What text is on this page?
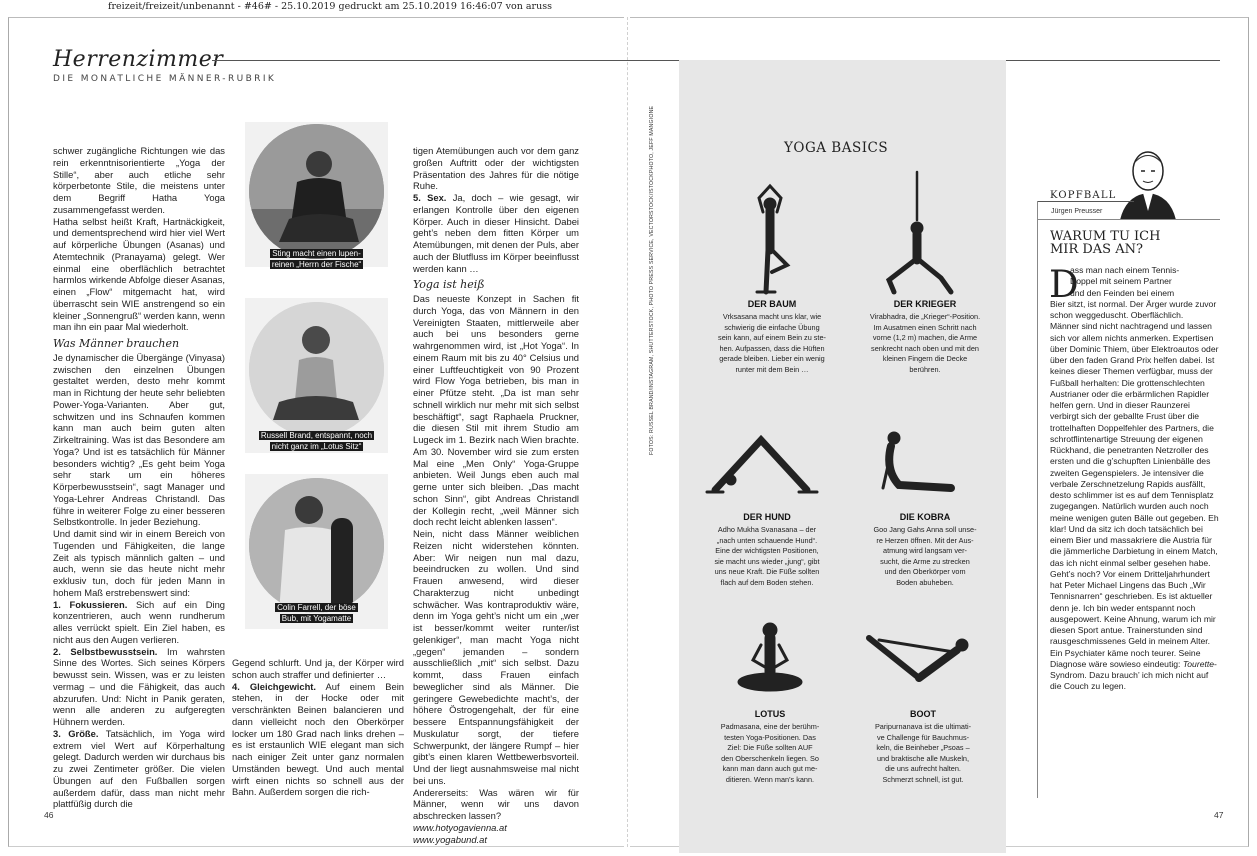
freizeit/freizeit/unbenannt - #46# - 25.10.2019 gedruckt am 25.10.2019 16:46:07 von aruss
Herrenzimmer
DIE MONATLICHE MÄNNER-RUBRIK

schwer zugängliche Richtungen wie das rein erkenntnisorientierte „Yoga der Stille“, aber auch etliche sehr körperbetonte Stile, die meistens unter dem Begriff Hatha Yoga zusammengefasst werden.

Hatha selbst heißt Kraft, Hartnäckigkeit, und dementsprechend wird hier viel Wert auf körperliche Übungen (Asanas) und Atemtechnik (Pranayama) gelegt. Wer einmal eine oberflächlich betrachtet harmlos wirkende Abfolge dieser Asanas, einen „Flow“ mitgemacht hat, wird überrascht sein WIE anstrengend so ein kleiner „Sonnengruß“ werden kann, wenn man ihn ein paar Mal wiederholt.

Was Männer brauchen

Je dynamischer die Übergänge (Vinyasa) zwischen den einzelnen Übungen gestaltet werden, desto mehr kommt man in Richtung der heute sehr beliebten Power-Yoga-Varianten. Aber gut, schwitzen und ins Schnaufen kommen kann man auch beim guten alten Zirkeltraining. Was ist das Besondere am Yoga? Und ist es tatsächlich für Männer besonders wichtig? „Es geht beim Yoga sehr stark um ein höheres Körperbewusstsein“, sagt Manager und Yoga-Lehrer Andreas Christandl. Das führe in weiterer Folge zu einer besseren Selbstkontrolle. In jeder Beziehung.

Und damit sind wir in einem Bereich von Tugenden und Fähigkeiten, die lange Zeit als typisch männlich galten – und auch, wenn sie das heute nicht mehr exklusiv tun, doch für jeden Mann in hohem Maß erstrebenswert sind:

1. Fokussieren. Sich auf ein Ding konzentrieren, auch wenn rundherum alles verrückt spielt. Ein Ziel haben, es nicht aus den Augen verlieren.

2. Selbstbewusstsein. Im wahrsten Sinne des Wortes. Sich seines Körpers bewusst sein. Wissen, was er zu leisten vermag – und die Fähigkeit, das auch abzurufen. Und: Nicht in Panik geraten, wenn alle anderen zu aufgeregten Hühnern werden.

3. Größe. Tatsächlich, im Yoga wird extrem viel Wert auf Körperhaltung gelegt. Dadurch werden wir durchaus bis zu zwei Zentimeter größer. Die vielen Übungen auf den Fußballen sorgen außerdem dafür, dass man nicht mehr plattfüßig durch die

Sting macht einen lupen-
reinen „Herrn der Fische“
Russell Brand, entspannt, noch
nicht ganz im „Lotus Sitz“
Colin Farrell, der böse
Bub, mit Yogamatte

Gegend schlurft. Und ja, der Körper wird schon auch straffer und definierter …

4. Gleichgewicht. Auf einem Bein stehen, in der Hocke oder mit verschränkten Beinen balancieren und dann vielleicht noch den Oberkörper locker um 180 Grad nach links drehen – es ist erstaunlich WIE elegant man sich nach einiger Zeit unter ganz normalen Umständen bewegt. Und auch mental wirft einen nichts so schnell aus der Bahn. Außerdem sorgen die rich-

tigen Atemübungen auch vor dem ganz großen Auftritt oder der wichtigsten Präsentation des Jahres für die nötige Ruhe.

5. Sex. Ja, doch – wie gesagt, wir erlangen Kontrolle über den eigenen Körper. Auch in dieser Hinsicht. Dabei geht’s neben dem fitten Körper um Atemübungen, mit denen der Puls, aber auch der Blutfluss im Körper beeinflusst werden kann …

Yoga ist heiß

Das neueste Konzept in Sachen fit durch Yoga, das von Männern in den Vereinigten Staaten, mittlerweile aber auch bei uns besonders gerne wahrgenommen wird, ist „Hot Yoga“. In einem Raum mit bis zu 40° Celsius und einer Luftfeuchtigkeit von 90 Prozent wird Flow Yoga betrieben, bis man in einer Pfütze steht. „Da ist man sehr schnell wirklich nur mehr mit sich selbst beschäftigt“, sagt Raphaela Pruckner, die diesen Stil mit ihrem Studio am Lugeck im 1. Bezirk nach Wien brachte. Am 30. November wird sie zum ersten Mal eine „Men Only“ Yoga-Gruppe anbieten. Weil Jungs eben auch mal gerne unter sich bleiben. „Das macht schon Sinn“, gibt Andreas Christandl der Kollegin recht, „weil Männer sich doch recht leicht ablenken lassen“.

Nein, nicht dass Männer weiblichen Reizen nicht widerstehen könnten. Aber: Wir neigen nun mal dazu, beeindrucken zu wollen. Und sind Frauen anwesend, wird dieser Charakterzug nicht unbedingt schwächer. Was kontraproduktiv wäre, denn im Yoga geht’s nicht um ein „wer ist besser/kommt weiter runter/ist gelenkiger“, man macht Yoga nicht „gegen“ jemanden – sondern ausschließlich „mit“ sich selbst. Dazu kommt, dass Frauen einfach beweglicher sind als Männer. Die geringere Gewebedichte macht’s, der höhere Östrogengehalt, der für eine bessere Entspannungsfähigkeit der Muskulatur sorgt, der tiefere Schwerpunkt, der längere Rumpf – hier gibt’s einen klaren Wettbewerbsvorteil. Und der liegt ausnahmsweise mal nicht bei uns.

Andererseits: Was wären wir für Männer, wenn wir uns davon abschrecken lassen?

www.hotyogavienna.at
www.yogabund.at
46	47
YOGA BASICS
FOTOS: RUSSEL BRAND/INSTAGRAM, SHUTTERSTOCK, PHOTO PRESS SERVICE, VECTORSTOCK/ISTOCKPHOTO, JEFF MANGIONE	DER BAUM
Vrksasana macht uns klar, wie
schwierig die einfache Übung
sein kann, auf einem Bein zu ste-
hen. Aufpassen, dass die Hüften
gerade bleiben. Lieber ein wenig
runter mit dem Bein …
DER KRIEGER
Virabhadra, die „Krieger“-Position.
Im Ausatmen einen Schritt nach
vorne (1,2 m) machen, die Arme
senkrecht nach oben und mit den
kleinen Fingern die Decke
berühren.
DER HUND
Adho Mukha Svanasana – der
„nach unten schauende Hund“.
Eine der wichtigsten Positionen,
sie macht uns wieder „jung“, gibt
uns neue Kraft. Die Füße sollten
flach auf dem Boden stehen.
DIE KOBRA
Goo Jang Gahs Anna soll unse-
re Herzen öffnen. Mit der Aus-
atmung wird langsam ver-
sucht, die Arme zu strecken
und den Oberkörper vom
Boden abuheben.
LOTUS
Padmasana, eine der berühm-
testen Yoga-Positionen. Das
Ziel: Die Füße sollten AUF
den Oberschenkeln liegen. So
kann man dann auch gut me-
ditieren. Wenn man’s kann.
BOOT
Paripurnanava ist die ultimati-
ve Challenge für Bauchmus-
keln, die Beinheber „Psoas –
und braktische alle Muskeln,
die uns aufrecht halten.
Schmerzt schnell, ist gut.
KOPFBALL
Jürgen Preusser
WARUM TU ICH
MIR DAS AN?
D

ass man nach einem Tennis-

Doppel mit seinem Partner

und den Feinden bei einem

Bier sitzt, ist normal. Der Ärger wurde zuvor schon weggeduscht. Oberflächlich.

Männer sind nicht nachtragend und lassen sich vor allem nichts anmerken. Expertisen über Dominic Thiem, über Elektroautos oder über den faden Grand Prix helfen dabei. Ist keines dieser Themen verfügbar, muss der Fußball herhalten: Die grottenschlechten Austrianer oder die erbärmlichen Rapidler helfen gern. Und in dieser Raunzerei verbirgt sich der geballte Frust über die trottelhaften Doppelfehler des Partners, die schrotflintenartige Streuung der eigenen Rückhand, die penetranten Netzroller des ersten und die g’schupften Linienbälle des zweiten Gegenspielers. Je intensiver die verbale Zerschnetzelung Rapids ausfällt, desto schlimmer ist es auf dem Tennisplatz zugegangen. Natürlich wurden auch noch meine wenigen guten Bälle out gegeben. Eh klar! Und da sitz ich doch tatsächlich bei einem Bier und massakriere die Austria für die jämmerliche Darbietung in einem Match, das ich nicht einmal selber gesehen habe. Geht’s noch? Vor einem Dritteljahrhundert hat Peter Michael Lingens das Buch „Wir Tennisnarren“ geschrieben. Es ist aktueller denn je. Ich bin weder entspannt noch ausgepowert. Keine Ahnung, warum ich mir diesen Sport antue. Trainerstunden sind rausgeschmissenes Geld in meinem Alter. Ein Psychiater käme noch teurer. Seine Diagnose wäre sowieso eindeutig: Tourette-Syndrom. Dazu brauch’ ich mich nicht auf die Couch zu legen.
